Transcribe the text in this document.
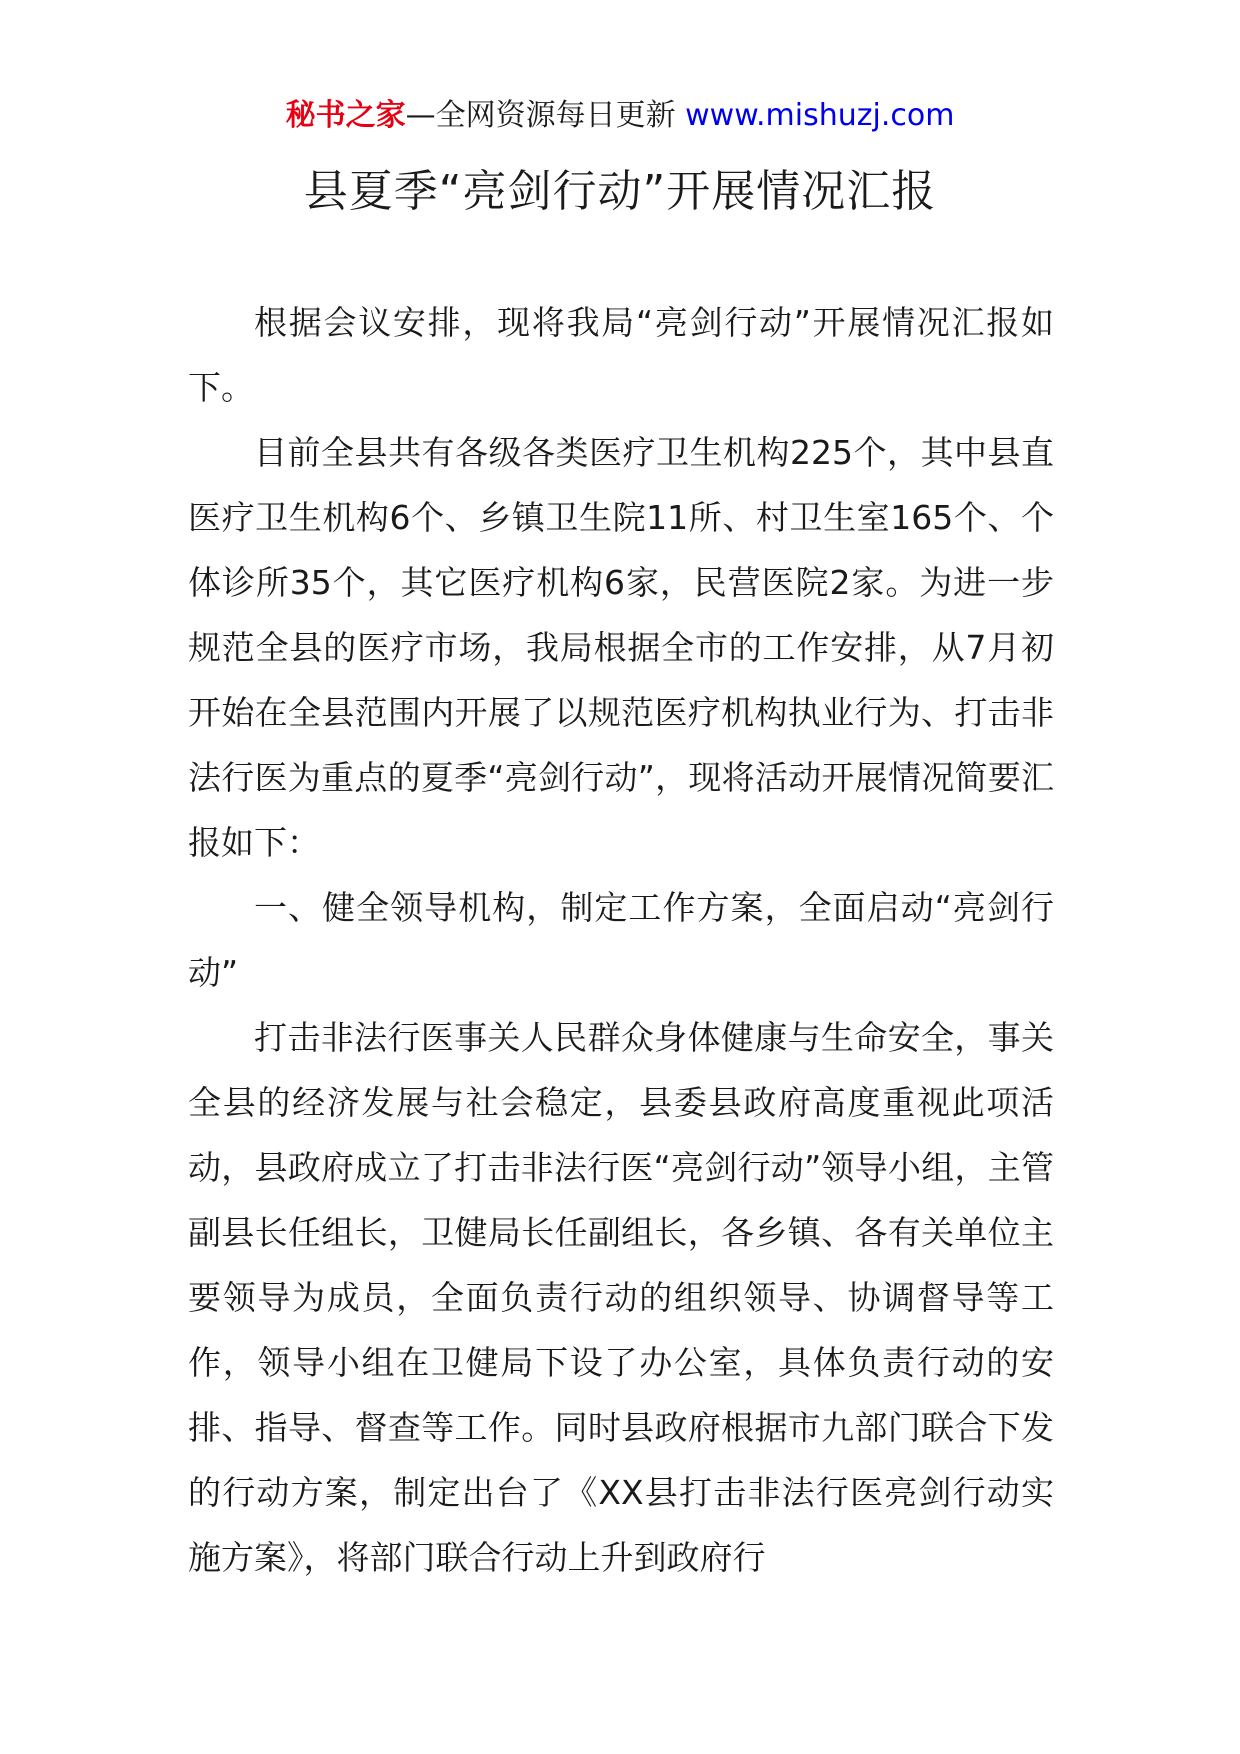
秘书之家—全网资源每日更新 www.mishuzj.com
县夏季“亮剑行动”开展情况汇报

根据会议安排，现将我局“亮剑行动”开展情况汇报如下。

目前全县共有各级各类医疗卫生机构225个，其中县直医疗卫生机构6个、乡镇卫生院11所、村卫生室165个、个体诊所35个，其它医疗机构6家，民营医院2家。为进一步规范全县的医疗市场，我局根据全市的工作安排，从7月初开始在全县范围内开展了以规范医疗机构执业行为、打击非法行医为重点的夏季“亮剑行动”，现将活动开展情况简要汇报如下：

一、健全领导机构，制定工作方案，全面启动“亮剑行动”

打击非法行医事关人民群众身体健康与生命安全，事关全县的经济发展与社会稳定，县委县政府高度重视此项活动，县政府成立了打击非法行医“亮剑行动”领导小组，主管副县长任组长，卫健局长任副组长，各乡镇、各有关单位主要领导为成员，全面负责行动的组织领导、协调督导等工作，领导小组在卫健局下设了办公室，具体负责行动的安排、指导、督查等工作。同时县政府根据市九部门联合下发的行动方案，制定出台了《XX县打击非法行医亮剑行动实施方案》，将部门联合行动上升到政府行
